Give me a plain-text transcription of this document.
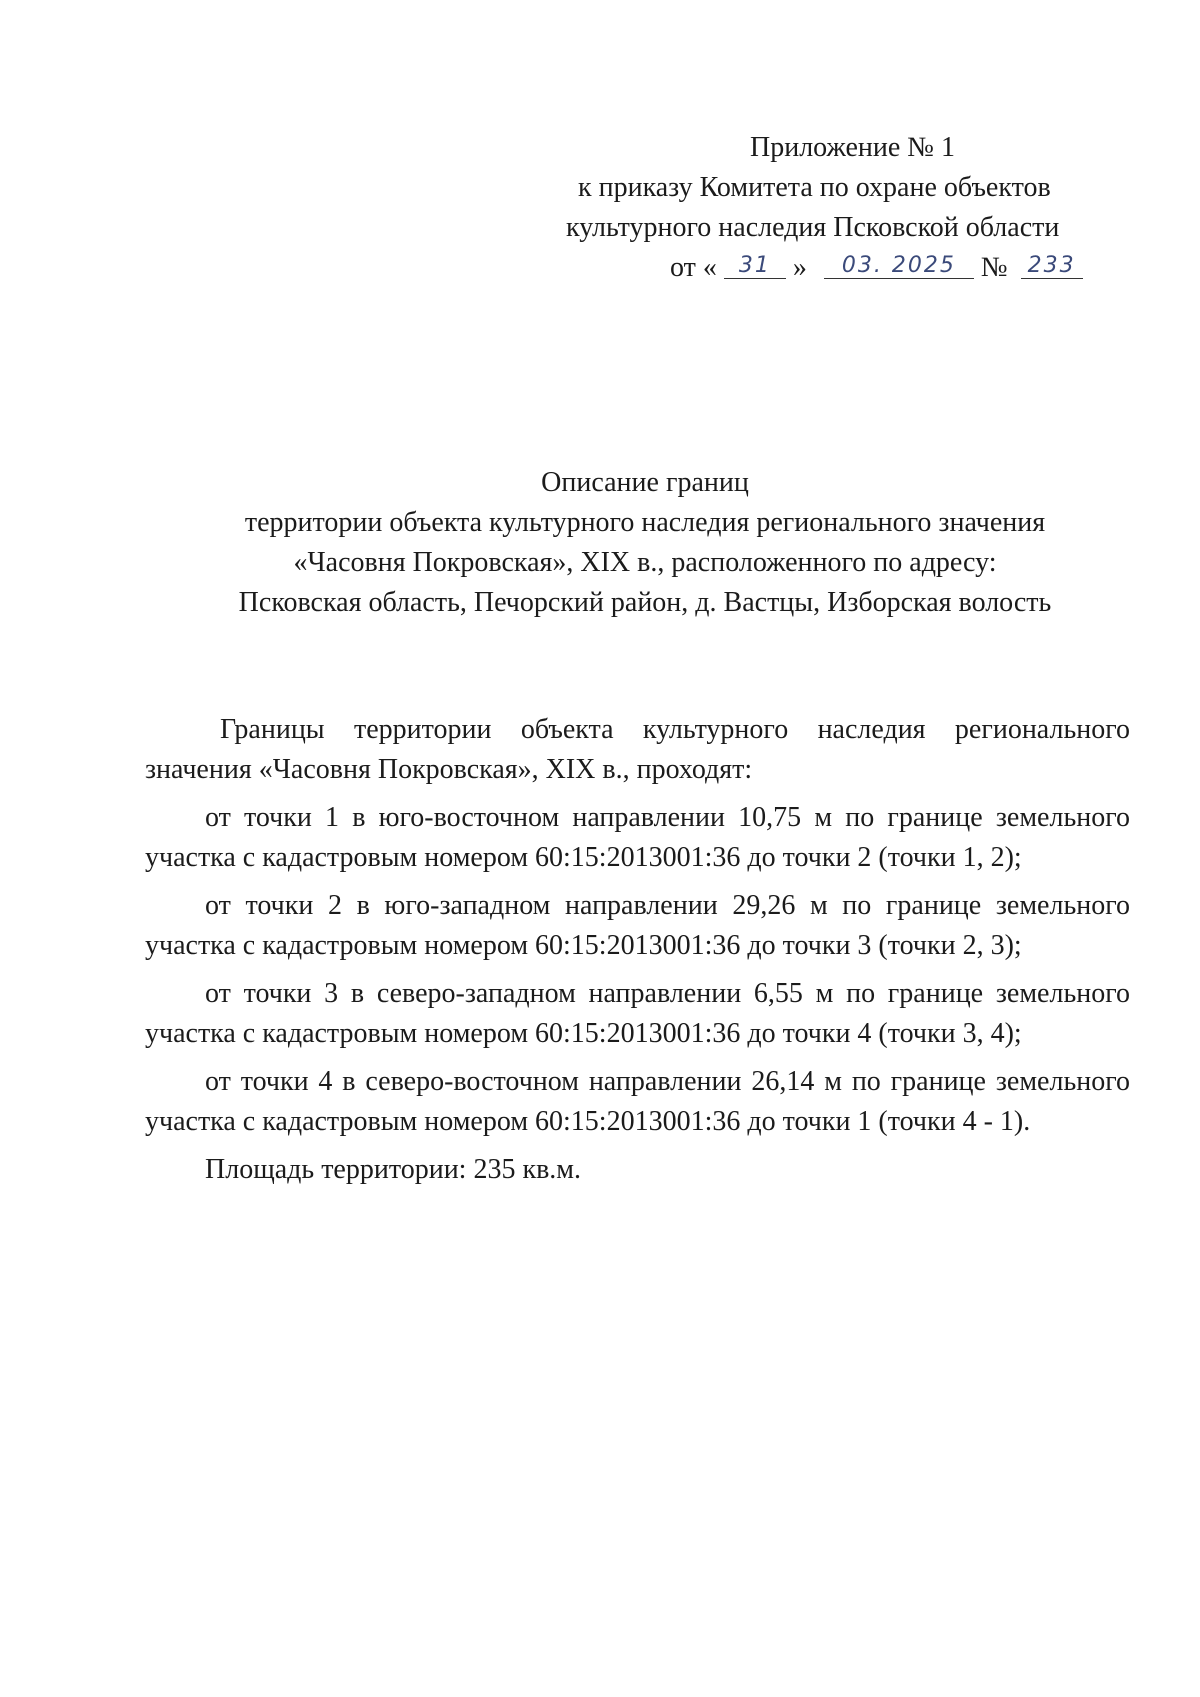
Приложение № 1
к приказу Комитета по охране объектов
культурного наследия Псковской области
от « 31 » 03. 2025 № 233
Описание границ
территории объекта культурного наследия регионального значения
«Часовня Покровская», XIX в., расположенного по адресу:
Псковская область, Печорский район, д. Вастцы, Изборская волость

Границы территории объекта культурного наследия регионального значения «Часовня Покровская», XIX в., проходят:

от точки 1 в юго-восточном направлении 10,75 м по границе земельного участка с кадастровым номером 60:15:2013001:36 до точки 2 (точки 1, 2);

от точки 2 в юго-западном направлении 29,26 м по границе земельного участка с кадастровым номером 60:15:2013001:36 до точки 3 (точки 2, 3);

от точки 3 в северо-западном направлении 6,55 м по границе земельного участка с кадастровым номером 60:15:2013001:36 до точки 4 (точки 3, 4);

от точки 4 в северо-восточном направлении 26,14 м по границе земельного участка с кадастровым номером 60:15:2013001:36 до точки 1 (точки 4 - 1).

Площадь территории: 235 кв.м.
